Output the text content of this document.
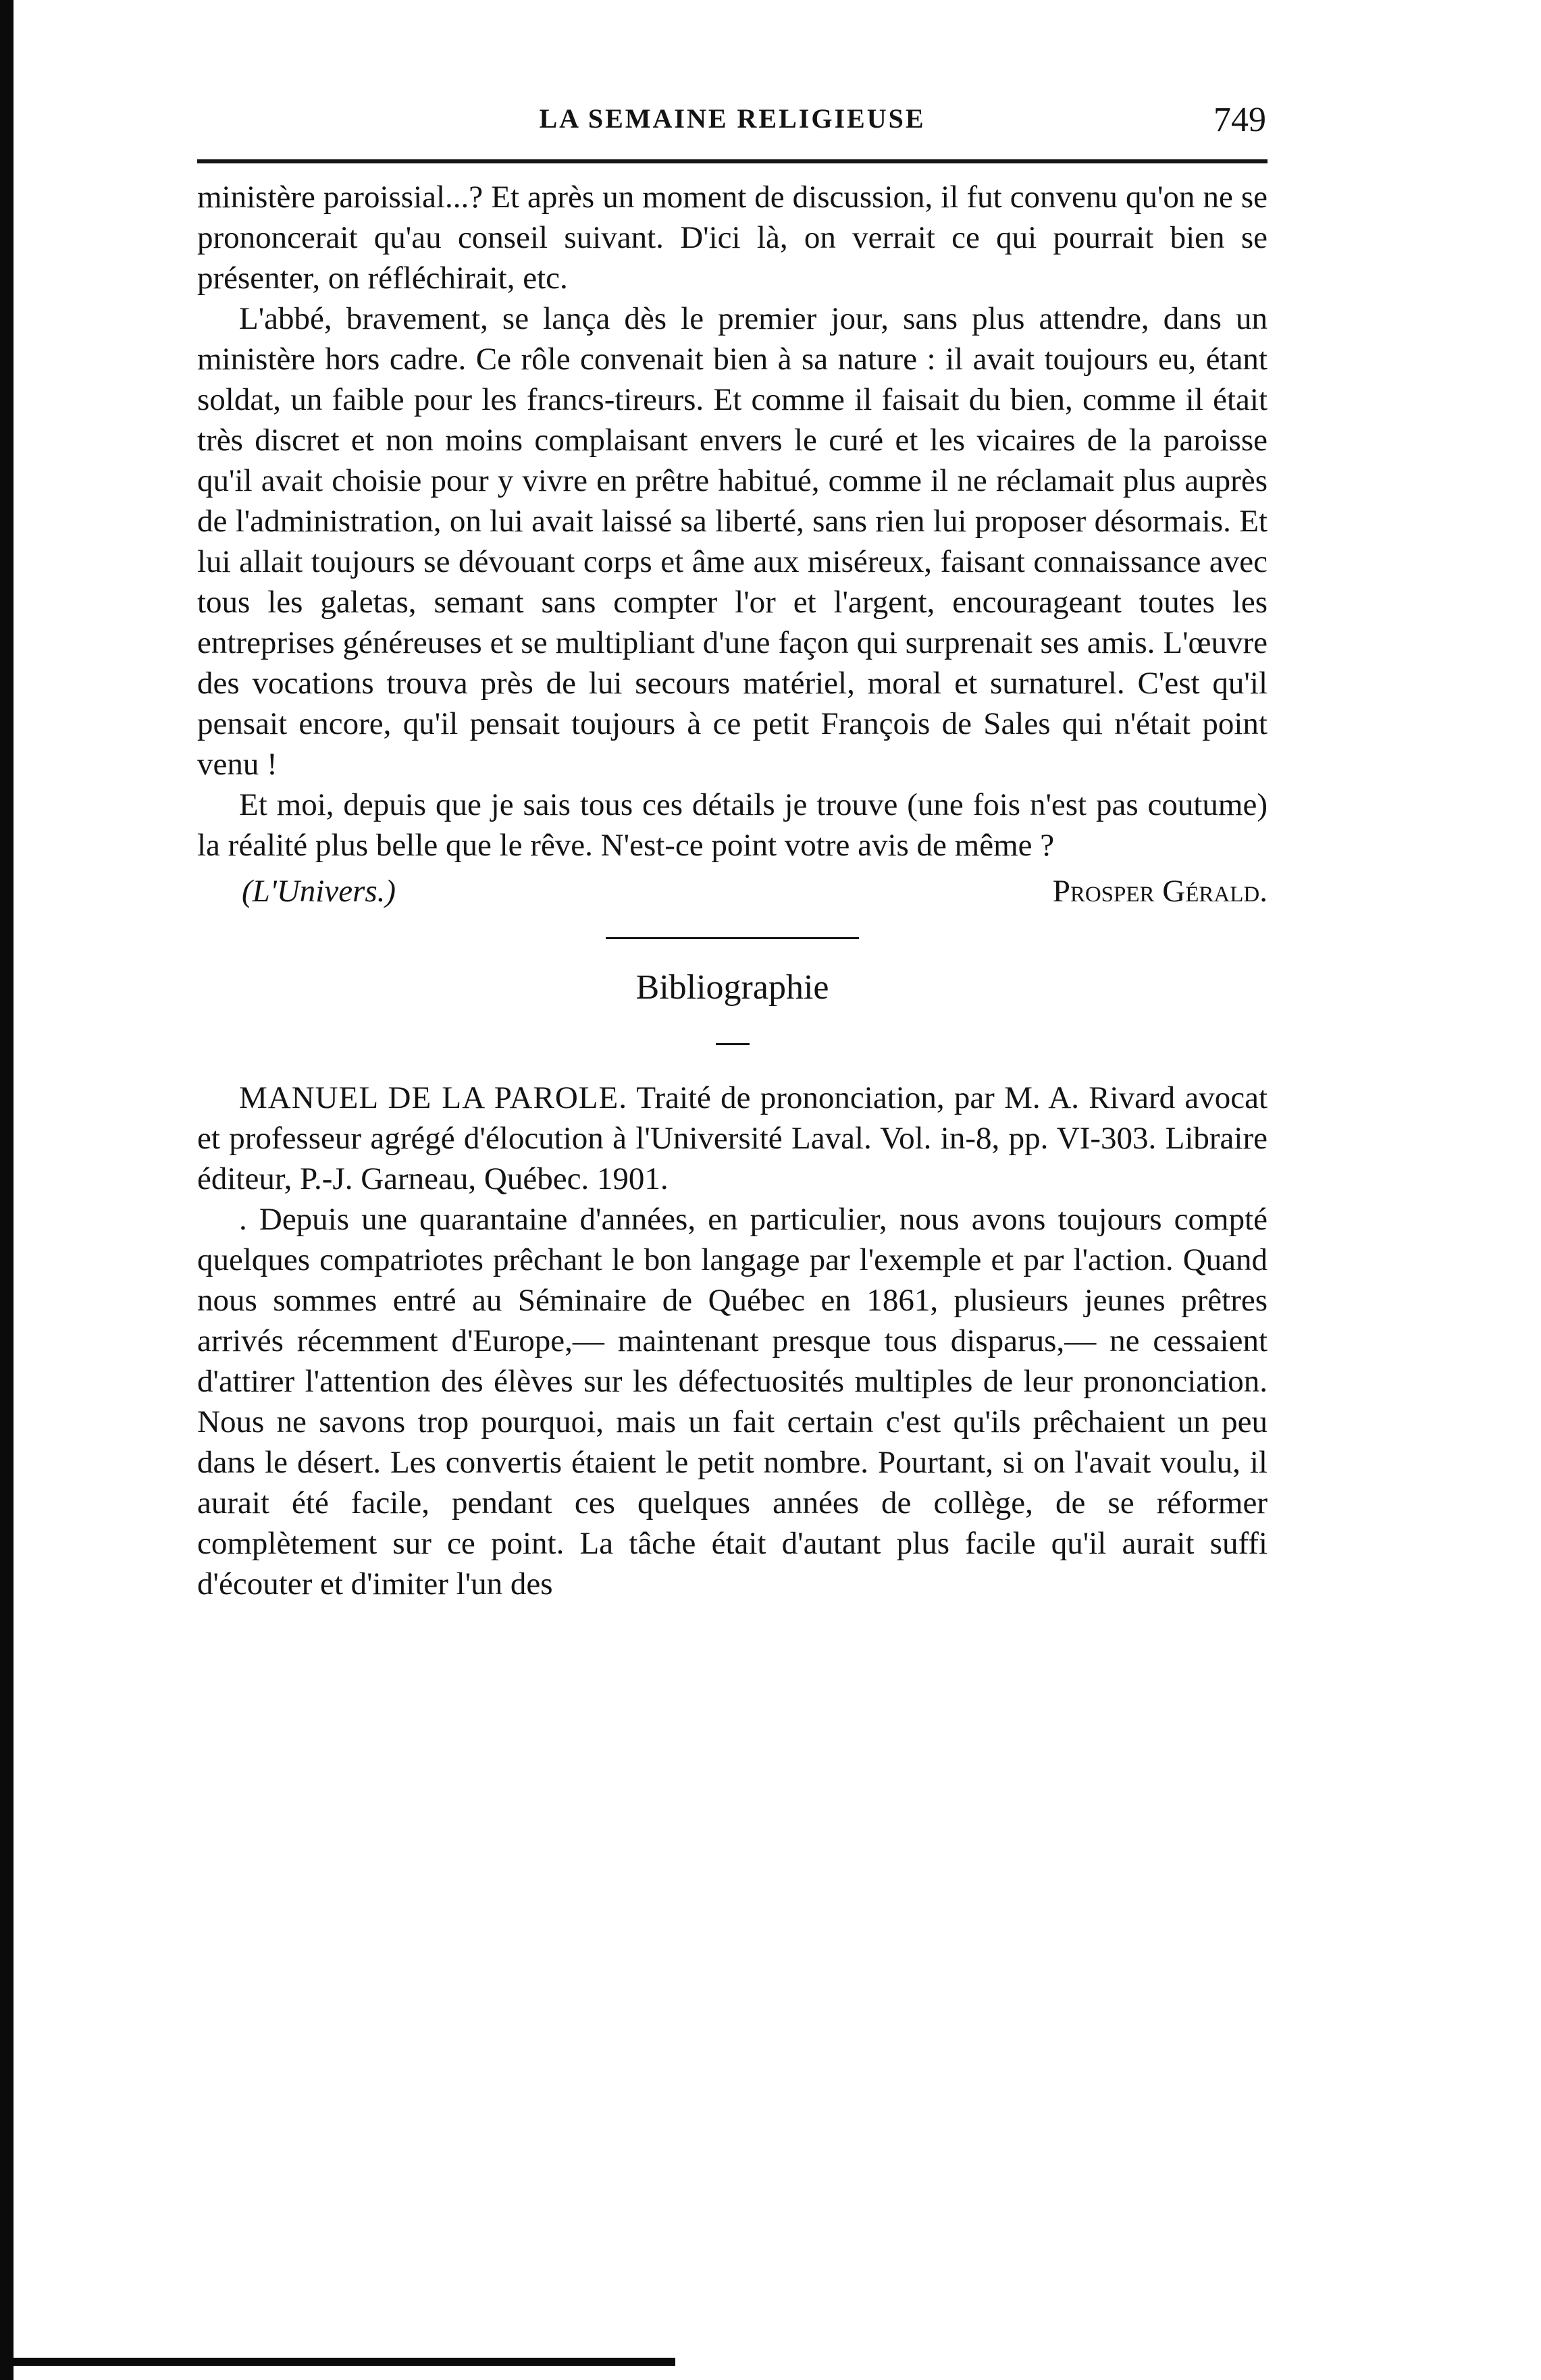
LA SEMAINE RELIGIEUSE	749

ministère paroissial...? Et après un moment de discussion, il fut convenu qu'on ne se prononcerait qu'au conseil suivant. D'ici là, on verrait ce qui pourrait bien se présenter, on réfléchirait, etc.

L'abbé, bravement, se lança dès le premier jour, sans plus attendre, dans un ministère hors cadre. Ce rôle convenait bien à sa nature : il avait toujours eu, étant soldat, un faible pour les francs-tireurs. Et comme il faisait du bien, comme il était très discret et non moins complaisant envers le curé et les vicaires de la paroisse qu'il avait choisie pour y vivre en prêtre habitué, comme il ne réclamait plus auprès de l'administration, on lui avait laissé sa liberté, sans rien lui proposer désormais. Et lui allait toujours se dévouant corps et âme aux miséreux, faisant connaissance avec tous les galetas, semant sans compter l'or et l'argent, encourageant toutes les entreprises généreuses et se multipliant d'une façon qui surprenait ses amis. L'œuvre des vocations trouva près de lui secours matériel, moral et surnaturel. C'est qu'il pensait encore, qu'il pensait toujours à ce petit François de Sales qui n'était point venu !

Et moi, depuis que je sais tous ces détails je trouve (une fois n'est pas coutume) la réalité plus belle que le rêve. N'est-ce point votre avis de même ?

(L'Univers.)	Prosper Gérald.
Bibliographie

MANUEL DE LA PAROLE. Traité de prononciation, par M. A. Rivard avocat et professeur agrégé d'élocution à l'Université Laval. Vol. in-8, pp. VI-303. Libraire éditeur, P.-J. Garneau, Québec. 1901.

. Depuis une quarantaine d'années, en particulier, nous avons toujours compté quelques compatriotes prêchant le bon langage par l'exemple et par l'action. Quand nous sommes entré au Séminaire de Québec en 1861, plusieurs jeunes prêtres arrivés récemment d'Europe,— maintenant presque tous disparus,— ne cessaient d'attirer l'attention des élèves sur les défectuosités multiples de leur prononciation. Nous ne savons trop pourquoi, mais un fait certain c'est qu'ils prêchaient un peu dans le désert. Les convertis étaient le petit nombre. Pourtant, si on l'avait voulu, il aurait été facile, pendant ces quelques années de collège, de se réformer complètement sur ce point. La tâche était d'autant plus facile qu'il aurait suffi d'écouter et d'imiter l'un des
